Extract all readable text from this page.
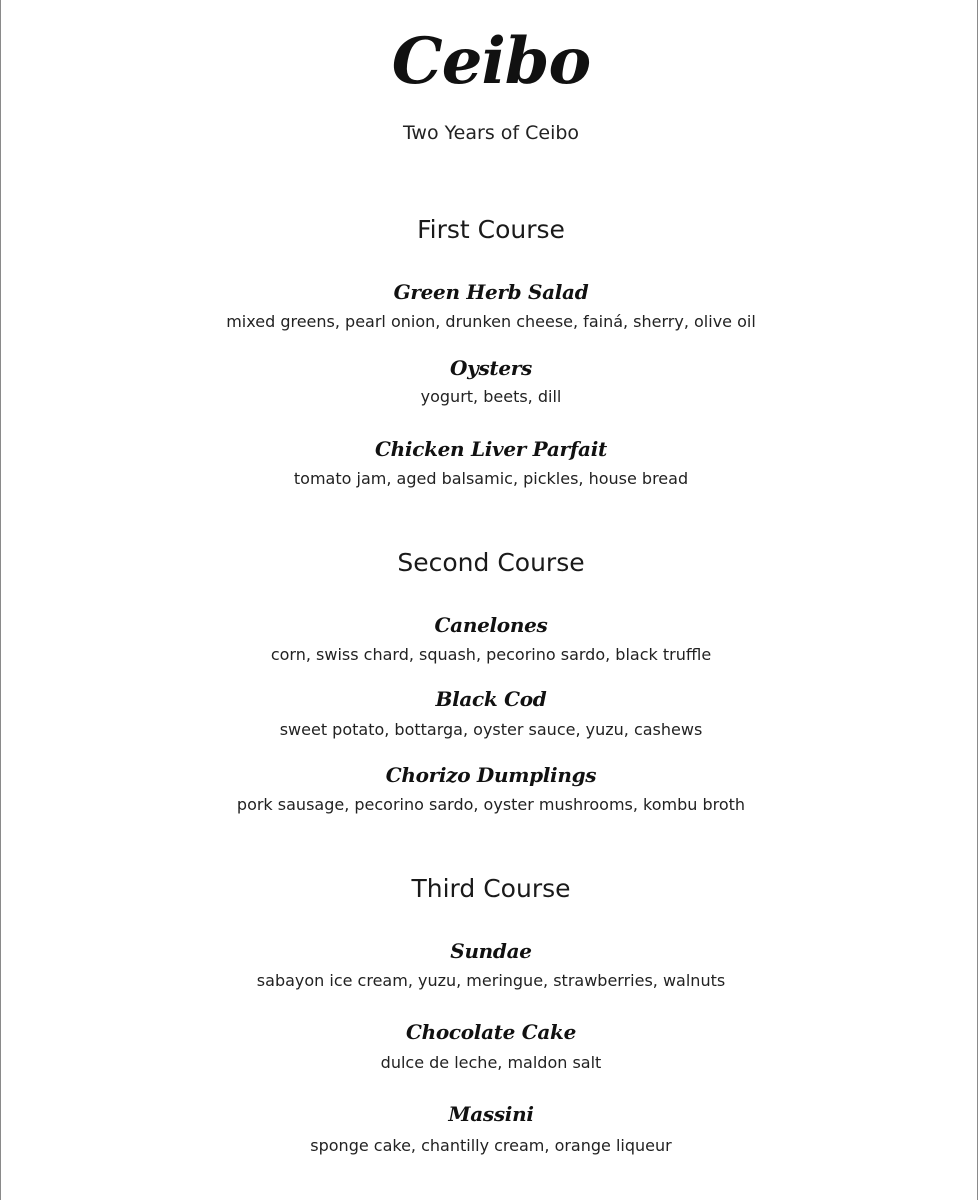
Ceibo
Two Years of Ceibo
First Course
Green Herb Salad
mixed greens, pearl onion, drunken cheese, fainá, sherry, olive oil
Oysters
yogurt, beets, dill
Chicken Liver Parfait
tomato jam, aged balsamic, pickles, house bread
Second Course
Canelones
corn, swiss chard, squash, pecorino sardo, black truffle
Black Cod
sweet potato, bottarga, oyster sauce, yuzu, cashews
Chorizo Dumplings
pork sausage, pecorino sardo, oyster mushrooms, kombu broth
Third Course
Sundae
sabayon ice cream, yuzu, meringue, strawberries, walnuts
Chocolate Cake
dulce de leche, maldon salt
Massini
sponge cake, chantilly cream, orange liqueur
